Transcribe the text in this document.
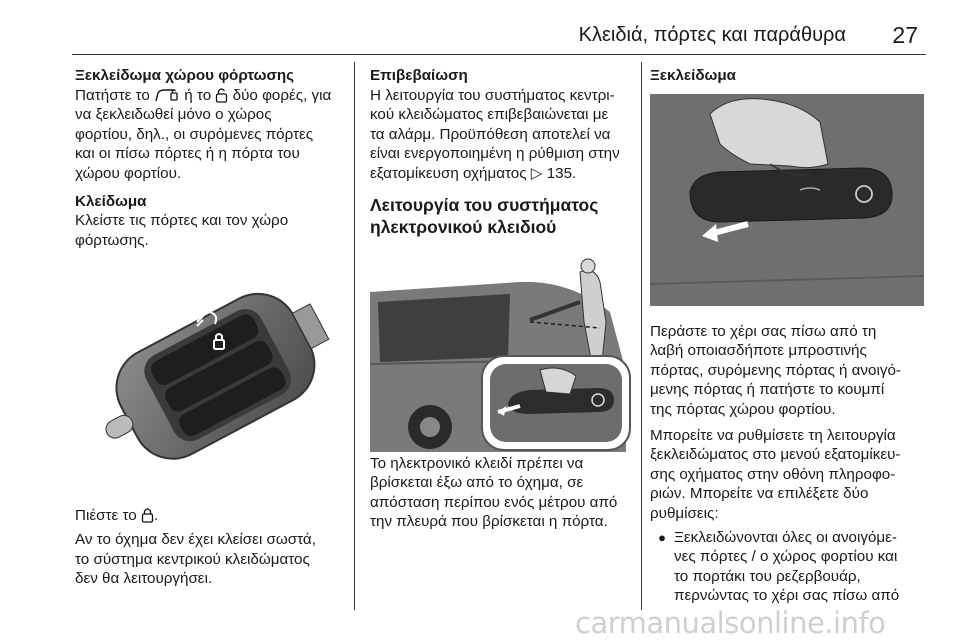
Κλειδιά, πόρτες και παράθυρα 27

Ξεκλείδωμα χώρου φόρτωσης

Πατήστε το ή το δύο φορές, για

να ξεκλειδωθεί μόνο ο χώρος

φορτίου, δηλ., οι συρόμενες πόρτες

και οι πίσω πόρτες ή η πόρτα του

χώρου φορτίου.

Κλείδωμα

Κλείστε τις πόρτες και τον χώρο

φόρτωσης.

Πιέστε το .

Αν το όχημα δεν έχει κλείσει σωστά,

το σύστημα κεντρικού κλειδώματος

δεν θα λειτουργήσει.

Επιβεβαίωση

Η λειτουργία του συστήματος κεντρι-

κού κλειδώματος επιβεβαιώνεται με

τα αλάρμ. Προϋπόθεση αποτελεί να

είναι ενεργοποιημένη η ρύθμιση στην

εξατομίκευση οχήματος ▷ 135.

Λειτουργία του συστήματος

ηλεκτρονικού κλειδιού

Το ηλεκτρονικό κλειδί πρέπει να

βρίσκεται έξω από το όχημα, σε

απόσταση περίπου ενός μέτρου από

την πλευρά που βρίσκεται η πόρτα.

Ξεκλείδωμα

Περάστε το χέρι σας πίσω από τη

λαβή οποιασδήποτε μπροστινής

πόρτας, συρόμενης πόρτας ή ανοιγό-

μενης πόρτας ή πατήστε το κουμπί

της πόρτας χώρου φορτίου.

Μπορείτε να ρυθμίσετε τη λειτουργία

ξεκλειδώματος στο μενού εξατομίκευ-

σης οχήματος στην οθόνη πληροφο-

ριών. Μπορείτε να επιλέξετε δύο

ρυθμίσεις:

● Ξεκλειδώνονται όλες οι ανοιγόμε-

νες πόρτες / ο χώρος φορτίου και

το πορτάκι του ρεζερβουάρ,

περνώντας το χέρι σας πίσω από

carmanualsonline.info
